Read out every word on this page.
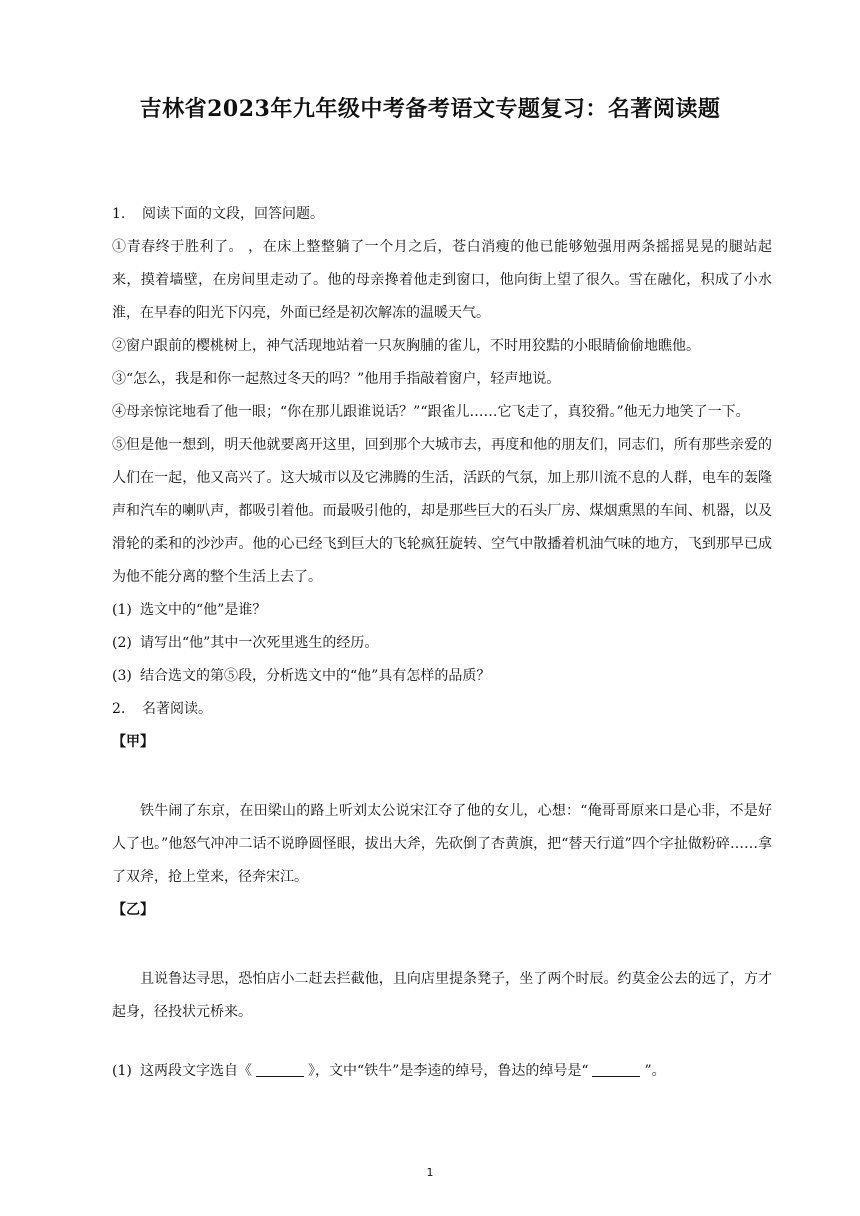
吉林省2023年九年级中考备考语文专题复习：名著阅读题

1. 阅读下面的文段，回答问题。

①青春终于胜利了。 ，在床上整整躺了一个月之后，苍白消瘦的他已能够勉强用两条摇摇晃晃的腿站起来，摸着墙壁，在房间里走动了。他的母亲搀着他走到窗口，他向街上望了很久。雪在融化，积成了小水淮，在早春的阳光下闪亮，外面已经是初次解冻的温暖天气。

②窗户跟前的樱桃树上，神气活现地站着一只灰胸脯的雀儿，不时用狡黠的小眼睛偷偷地瞧他。

③“怎么，我是和你一起熬过冬天的吗？”他用手指敲着窗户，轻声地说。

④母亲惊诧地看了他一眼；“你在那儿跟谁说话？”“跟雀儿……它飞走了，真狡猾。”他无力地笑了一下。

⑤但是他一想到，明天他就要离开这里，回到那个大城市去，再度和他的朋友们，同志们，所有那些亲爱的人们在一起，他又高兴了。这大城市以及它沸腾的生活，活跃的气氛，加上那川流不息的人群，电车的轰隆声和汽车的喇叭声，都吸引着他。而最吸引他的，却是那些巨大的石头厂房、煤烟熏黑的车间、机器，以及滑轮的柔和的沙沙声。他的心已经飞到巨大的飞轮疯狂旋转、空气中散播着机油气味的地方，飞到那早已成为他不能分离的整个生活上去了。

(1) 选文中的“他”是谁？

(2) 请写出“他”其中一次死里逃生的经历。

(3) 结合选文的第⑤段，分析选文中的“他”具有怎样的品质？

2. 名著阅读。

【甲】

铁牛闹了东京，在田梁山的路上听刘太公说宋江夺了他的女儿，心想：“俺哥哥原来口是心非，不是好人了也。”他怒气冲冲二话不说睁圆怪眼，拔出大斧，先砍倒了杏黄旗，把“替天行道”四个字扯做粉碎……拿了双斧，抢上堂来，径奔宋江。

【乙】

且说鲁达寻思，恐怕店小二赶去拦截他，且向店里提条凳子，坐了两个时辰。约莫金公去的远了，方才起身，径投状元桥来。

(1) 这两段文字选自《	》，文中“铁牛”是李逵的绰号，鲁达的绰号是“	”。

1
